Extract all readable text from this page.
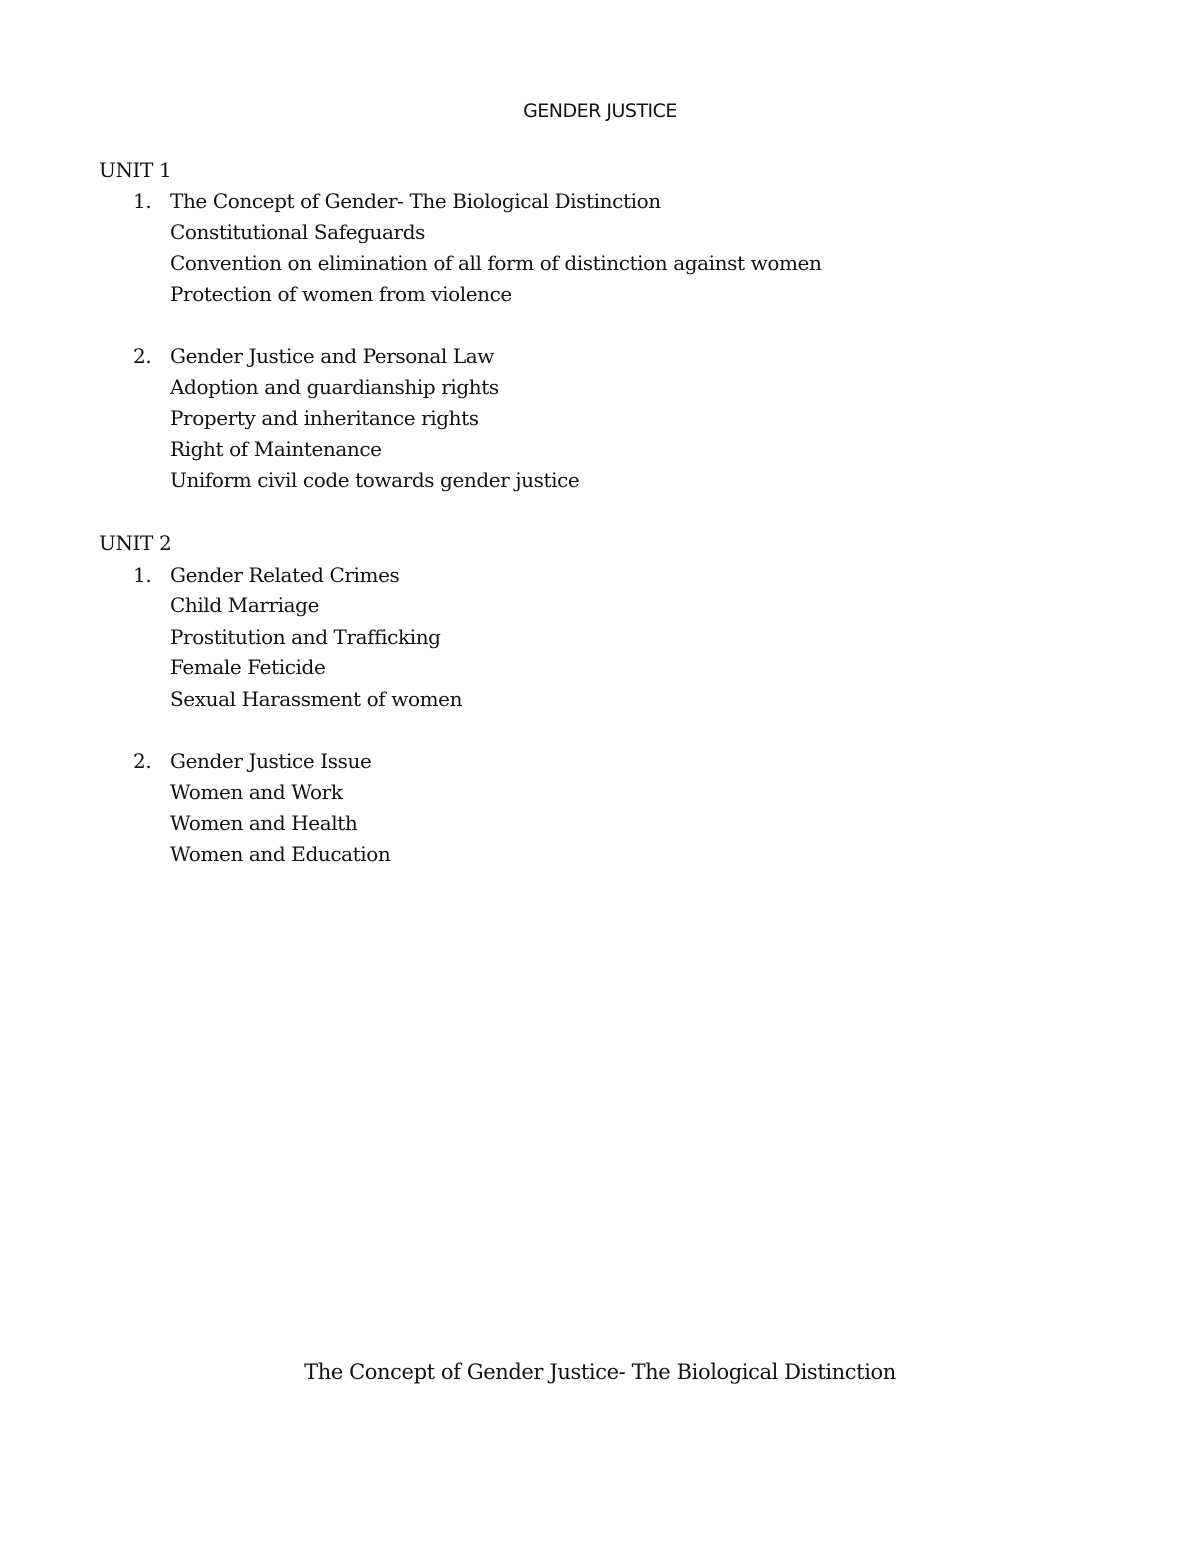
GENDER JUSTICE
UNIT 1
1. The Concept of Gender- The Biological Distinction
Constitutional Safeguards
Convention on elimination of all form of distinction against women
Protection of women from violence
2. Gender Justice and Personal Law
Adoption and guardianship rights
Property and inheritance rights
Right of Maintenance
Uniform civil code towards gender justice
UNIT 2
1. Gender Related Crimes
Child Marriage
Prostitution and Trafficking
Female Feticide
Sexual Harassment of women
2. Gender Justice Issue
Women and Work
Women and Health
Women and Education
The Concept of Gender Justice- The Biological Distinction
